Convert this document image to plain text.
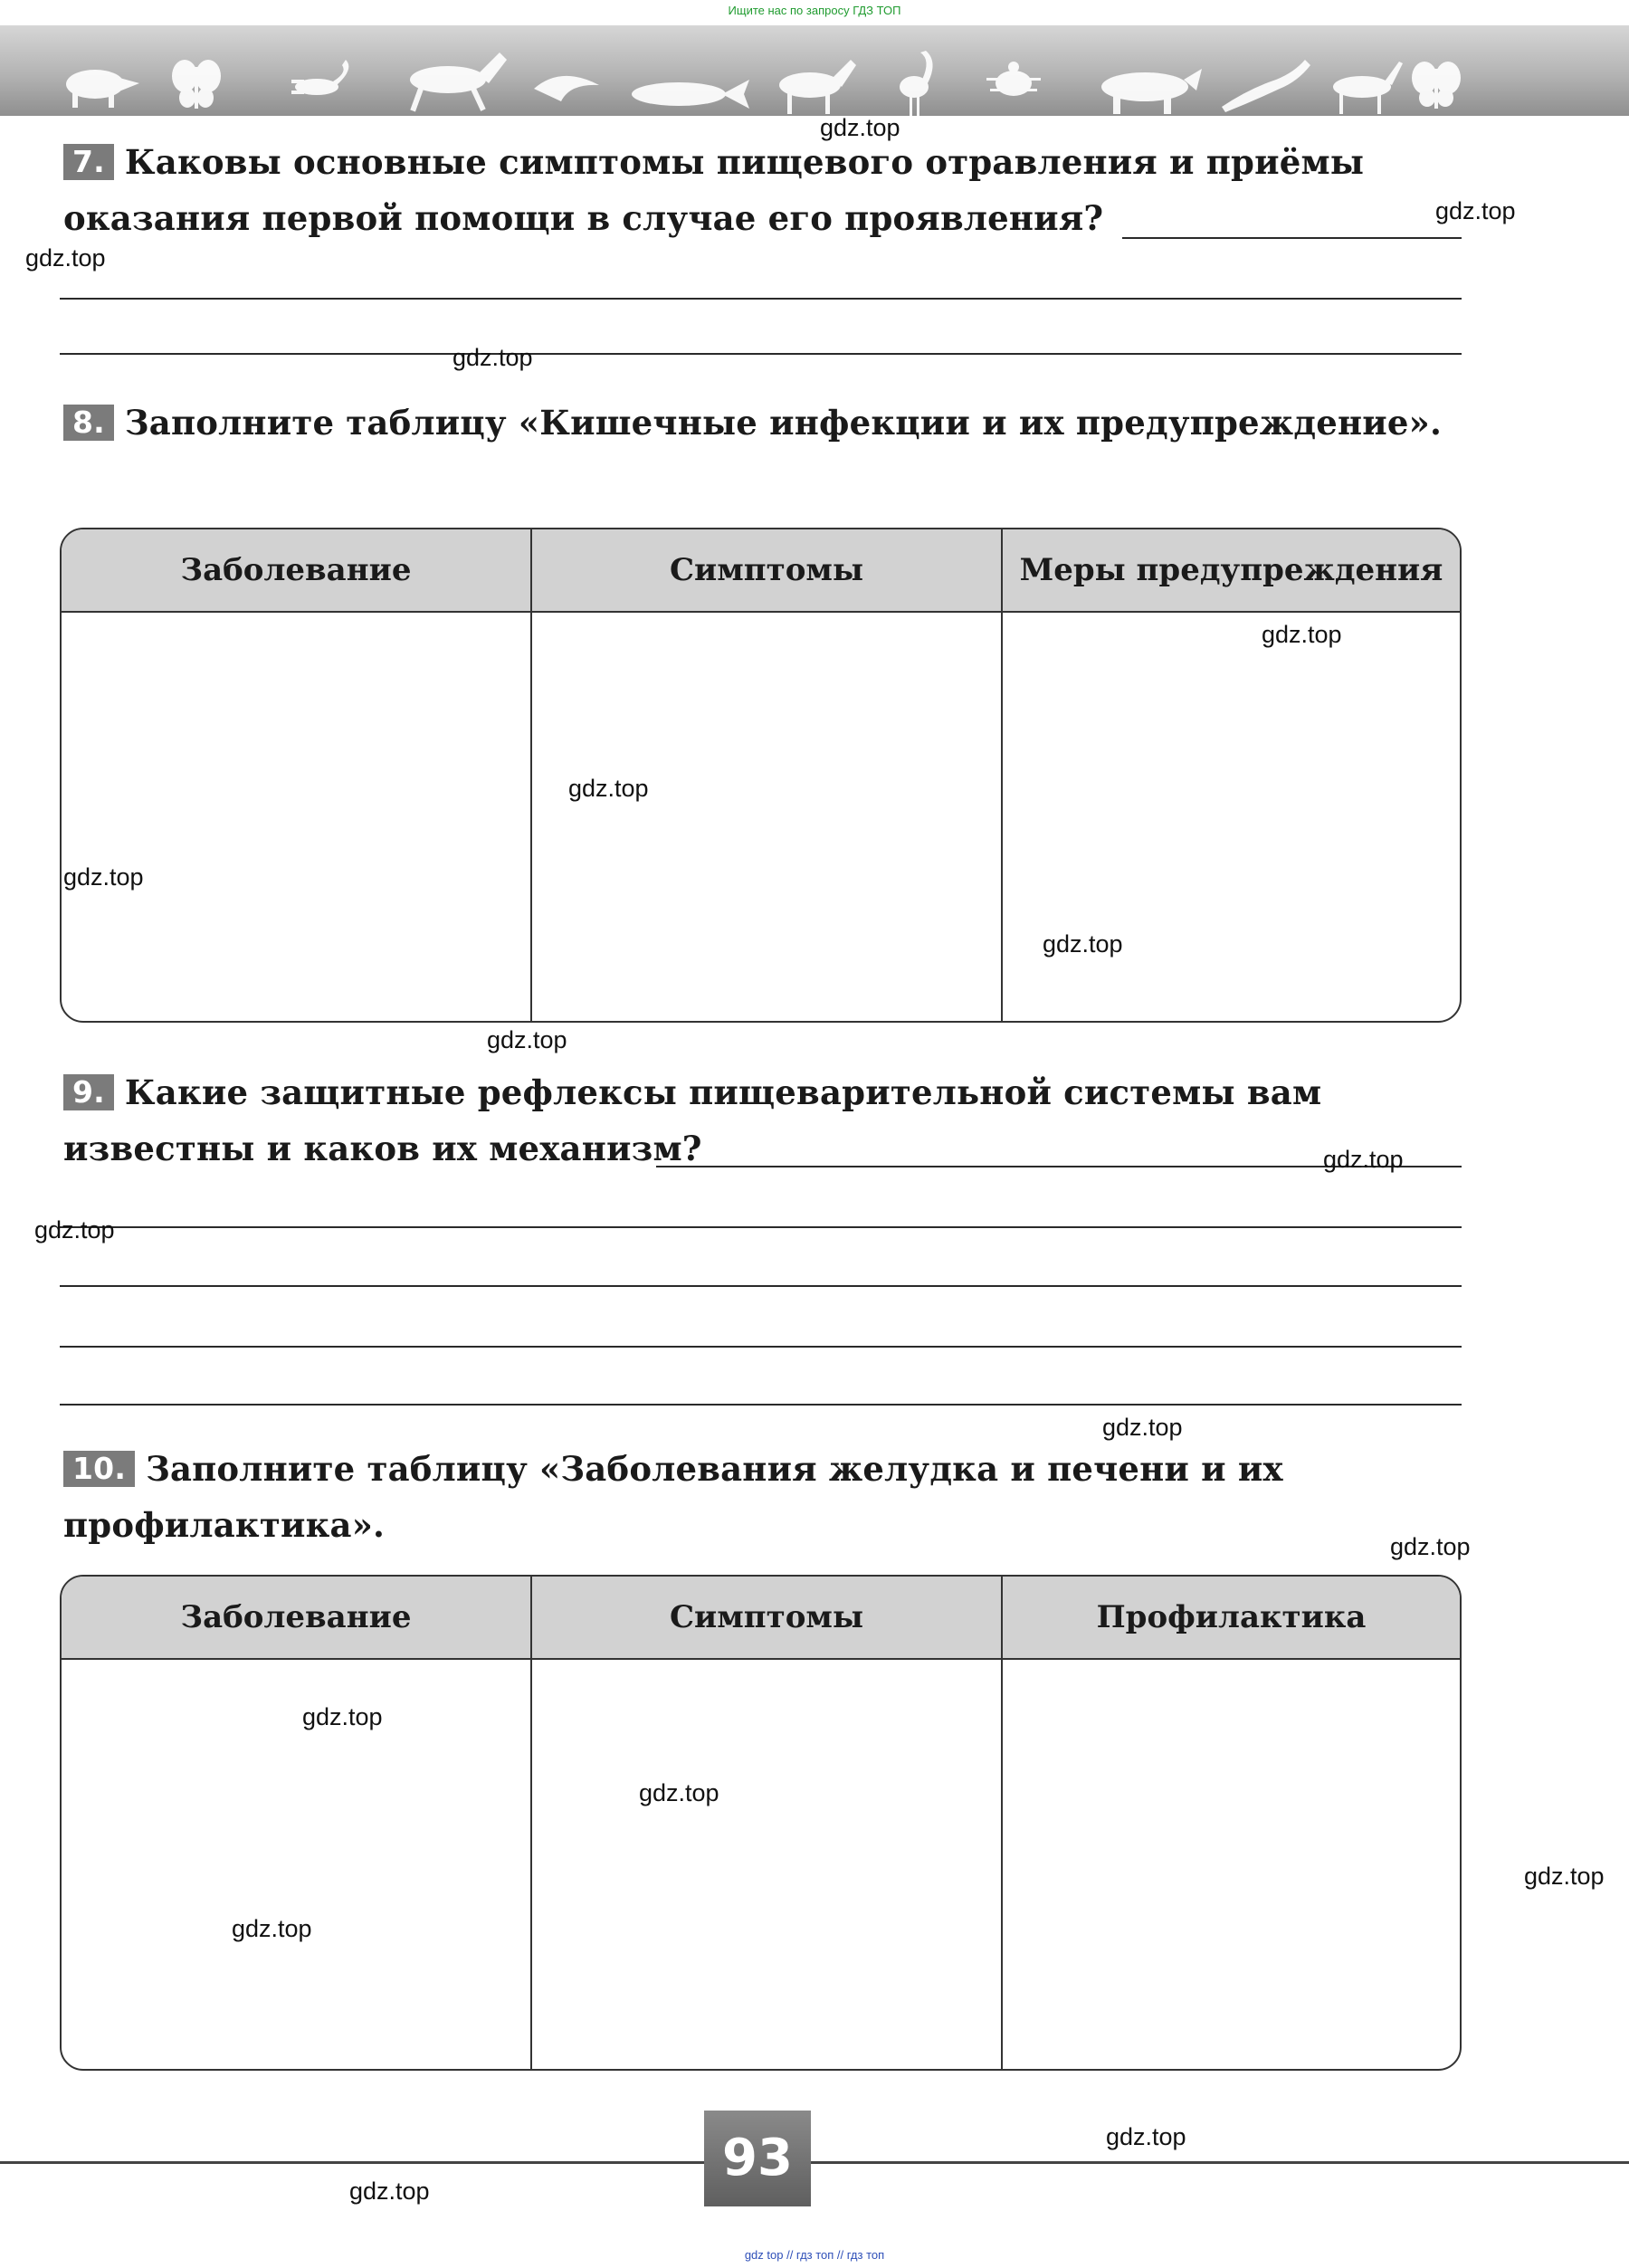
Ищите нас по запросу ГДЗ ТОП
7. Каковы основные симптомы пищевого отравления и приёмы оказания первой помощи в случае его проявления?
8. Заполните таблицу «Кишечные инфекции и их предупреждение».
Заболевание	Симптомы	Меры предупреждения

9. Какие защитные рефлексы пищеварительной системы вам известны и каков их механизм?
10. Заполните таблицу «Заболевания желудка и печени и их профилактика».
Заболевание	Симптомы	Профилактика

gdz.top
gdz.top
gdz.top
gdz.top
gdz.top
gdz.top
gdz.top
gdz.top
gdz.top
gdz.top
gdz.top
gdz.top
gdz.top
gdz.top
gdz.top
gdz.top
gdz.top
gdz.top
gdz.top
93
gdz top // гдз топ // гдз топ
